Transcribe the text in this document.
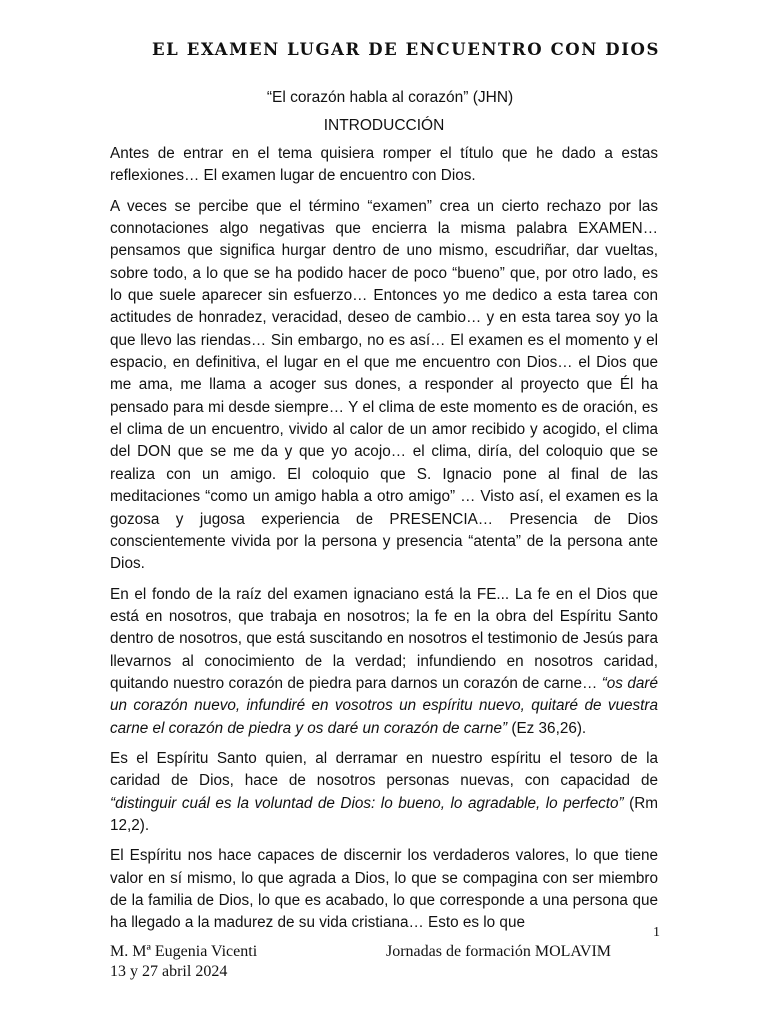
EL EXAMEN LUGAR DE ENCUENTRO CON DIOS
“El corazón habla al corazón” (JHN)
INTRODUCCIÓN

Antes de entrar en el tema quisiera romper el título que he dado a estas reflexiones… El examen lugar de encuentro con Dios.

A veces se percibe que el término “examen” crea un cierto rechazo por las connotaciones algo negativas que encierra la misma palabra EXAMEN… pensamos que significa hurgar dentro de uno mismo, escudriñar, dar vueltas, sobre todo, a lo que se ha podido hacer de poco “bueno” que, por otro lado, es lo que suele aparecer sin esfuerzo… Entonces yo me dedico a esta tarea con actitudes de honradez, veracidad, deseo de cambio… y en esta tarea soy yo la que llevo las riendas… Sin embargo, no es así… El examen es el momento y el espacio, en definitiva, el lugar en el que me encuentro con Dios… el Dios que me ama, me llama a acoger sus dones, a responder al proyecto que Él ha pensado para mi desde siempre… Y el clima de este momento es de oración, es el clima de un encuentro, vivido al calor de un amor recibido y acogido, el clima del DON que se me da y que yo acojo… el clima, diría, del coloquio que se realiza con un amigo. El coloquio que S. Ignacio pone al final de las meditaciones “como un amigo habla a otro amigo” … Visto así, el examen es la gozosa y jugosa experiencia de PRESENCIA… Presencia de Dios conscientemente vivida por la persona y presencia “atenta” de la persona ante Dios.

En el fondo de la raíz del examen ignaciano está la FE... La fe en el Dios que está en nosotros, que trabaja en nosotros; la fe en la obra del Espíritu Santo dentro de nosotros, que está suscitando en nosotros el testimonio de Jesús para llevarnos al conocimiento de la verdad; infundiendo en nosotros caridad, quitando nuestro corazón de piedra para darnos un corazón de carne… “os daré un corazón nuevo, infundiré en vosotros un espíritu nuevo, quitaré de vuestra carne el corazón de piedra y os daré un corazón de carne” (Ez 36,26).

Es el Espíritu Santo quien, al derramar en nuestro espíritu el tesoro de la caridad de Dios, hace de nosotros personas nuevas, con capacidad de “distinguir cuál es la voluntad de Dios: lo bueno, lo agradable, lo perfecto” (Rm 12,2).

El Espíritu nos hace capaces de discernir los verdaderos valores, lo que tiene valor en sí mismo, lo que agrada a Dios, lo que se compagina con ser miembro de la familia de Dios, lo que es acabado, lo que corresponde a una persona que ha llegado a la madurez de su vida cristiana… Esto es lo que

1
M. Mª Eugenia Vicenti
13 y 27 abril 2024
Jornadas de formación MOLAVIM
